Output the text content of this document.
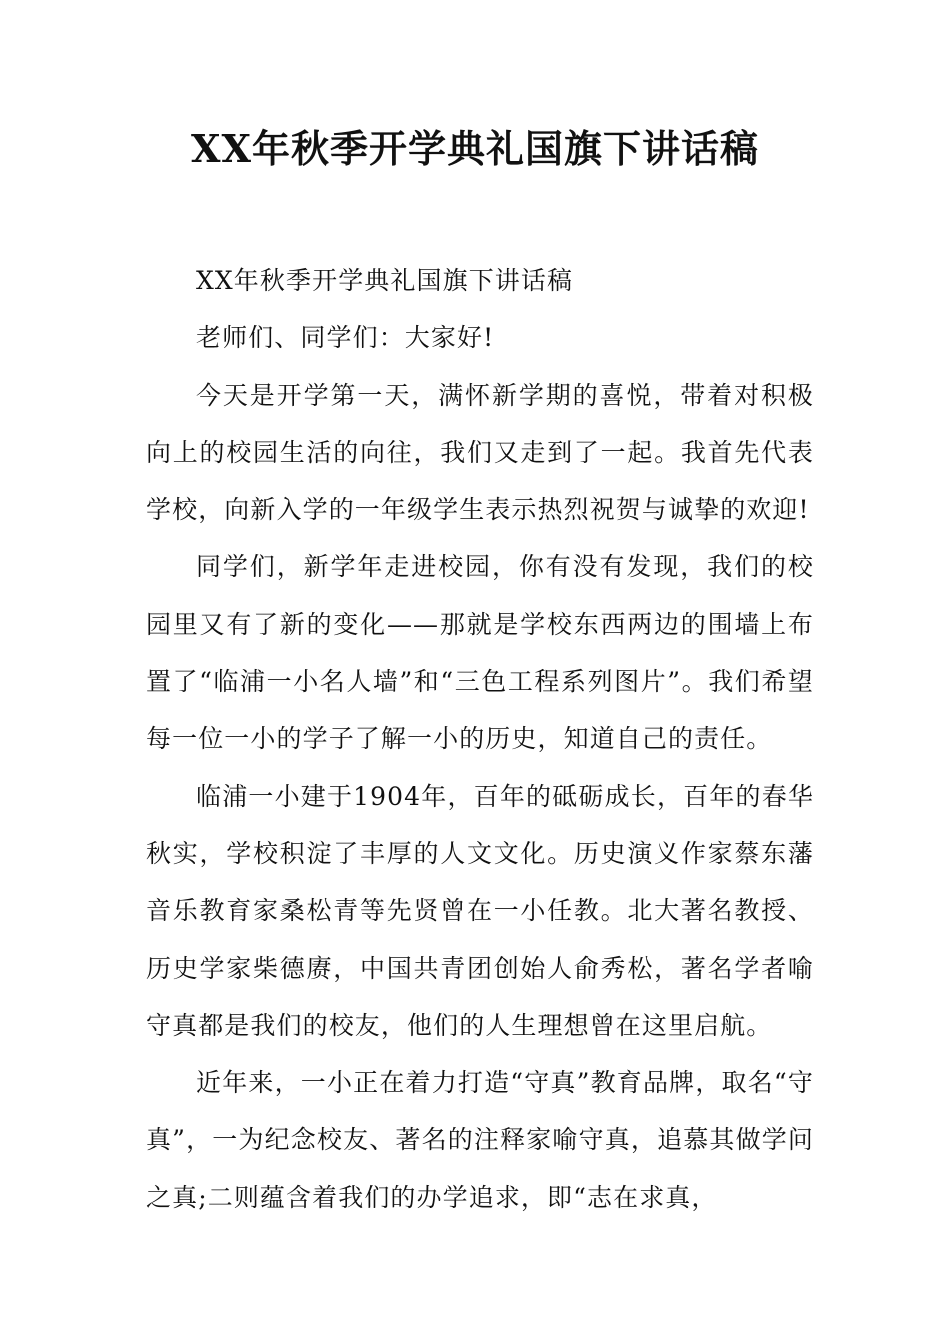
XX年秋季开学典礼国旗下讲话稿

XX年秋季开学典礼国旗下讲话稿

老师们、同学们：大家好!

今天是开学第一天，满怀新学期的喜悦，带着对积极向上的校园生活的向往，我们又走到了一起。我首先代表学校，向新入学的一年级学生表示热烈祝贺与诚挚的欢迎!

同学们，新学年走进校园，你有没有发现，我们的校园里又有了新的变化——那就是学校东西两边的围墙上布置了“临浦一小名人墙”和“三色工程系列图片”。我们希望每一位一小的学子了解一小的历史，知道自己的责任。

临浦一小建于1904年，百年的砥砺成长，百年的春华秋实，学校积淀了丰厚的人文文化。历史演义作家蔡东藩音乐教育家桑松青等先贤曾在一小任教。北大著名教授、历史学家柴德赓，中国共青团创始人俞秀松，著名学者喻守真都是我们的校友，他们的人生理想曾在这里启航。

近年来，一小正在着力打造“守真”教育品牌，取名“守真”，一为纪念校友、著名的注释家喻守真，追慕其做学问之真;二则蕴含着我们的办学追求，即“志在求真，
